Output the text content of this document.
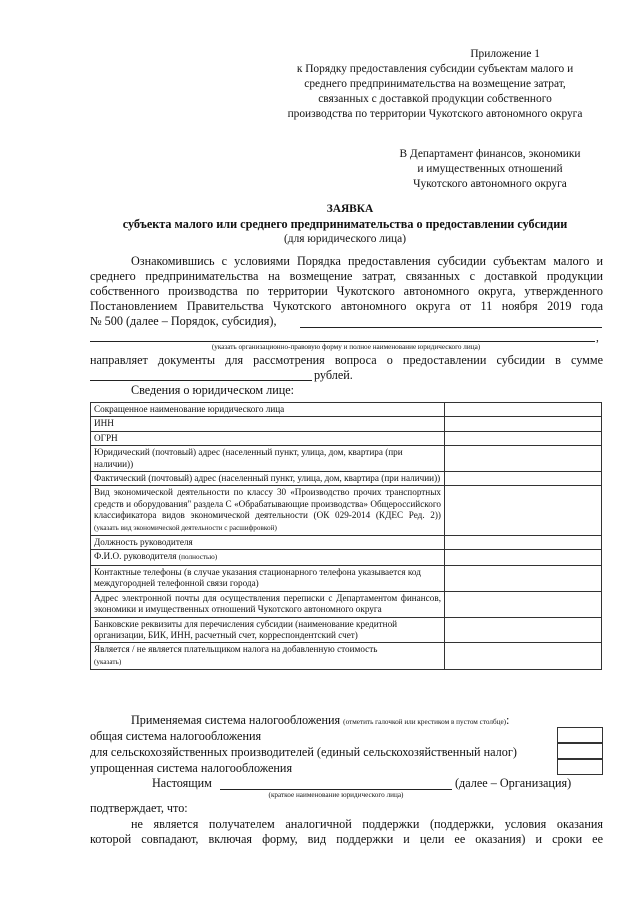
Приложение 1
к Порядку предоставления субсидии субъектам малого и
среднего предпринимательства на возмещение затрат,
связанных с доставкой продукции собственного
производства по территории Чукотского автономного округа
В Департамент финансов, экономики
и имущественных отношений
Чукотского автономного округа
ЗАЯВКА
субъекта малого или среднего предпринимательства о предоставлении субсидии
(для юридического лица)
Ознакомившись с условиями Порядка предоставления субсидии субъектам малого и
среднего предпринимательства на возмещение затрат, связанных с доставкой продукции
собственного производства по территории Чукотского автономного округа, утвержденного
Постановлением Правительства Чукотского автономного округа от 11 ноября 2019 года
№ 500 (далее – Порядок, субсидия),
,
(указать организационно-правовую форму и полное наименование юридического лица)
направляет документы для рассмотрения вопроса о предоставлении субсидии в сумме
рублей.
Сведения о юридическом лице:
Сокращенное наименование юридического лица	
ИНН	
ОГРН	
Юридический (почтовый) адрес (населенный пункт, улица, дом, квартира (при наличии))	
Фактический (почтовый) адрес (населенный пункт, улица, дом, квартира (при наличии))	
Вид экономической деятельности по классу 30 «Производство прочих транспортных средств и оборудования" раздела С «Обрабатывающие производства» Общероссийского классификатора видов экономической деятельности (ОК 029-2014 (КДЕС Ред. 2)) (указать вид экономической деятельности с расшифровкой)	
Должность руководителя	
Ф.И.О. руководителя (полностью)	
Контактные телефоны (в случае указания стационарного телефона указывается код междугородней телефонной связи города)	
Адрес электронной почты для осуществления переписки с Департаментом финансов, экономики и имущественных отношений Чукотского автономного округа	
Банковские реквизиты для перечисления субсидии (наименование кредитной организации, БИК, ИНН, расчетный счет, корреспондентский счет)	
Является / не является плательщиком налога на добавленную стоимость
(указать)	
Применяемая система налогообложения (отметить галочкой или крестиком в пустом столбце):
общая система налогообложения
для сельскохозяйственных производителей (единый сельскохозяйственный налог)
упрощенная система налогообложения
Настоящим	(далее – Организация)
(краткое наименование юридического лица)
подтверждает, что:
не является получателем аналогичной поддержки (поддержки, условия оказания
которой совпадают, включая форму, вид поддержки и цели ее оказания) и сроки ее
